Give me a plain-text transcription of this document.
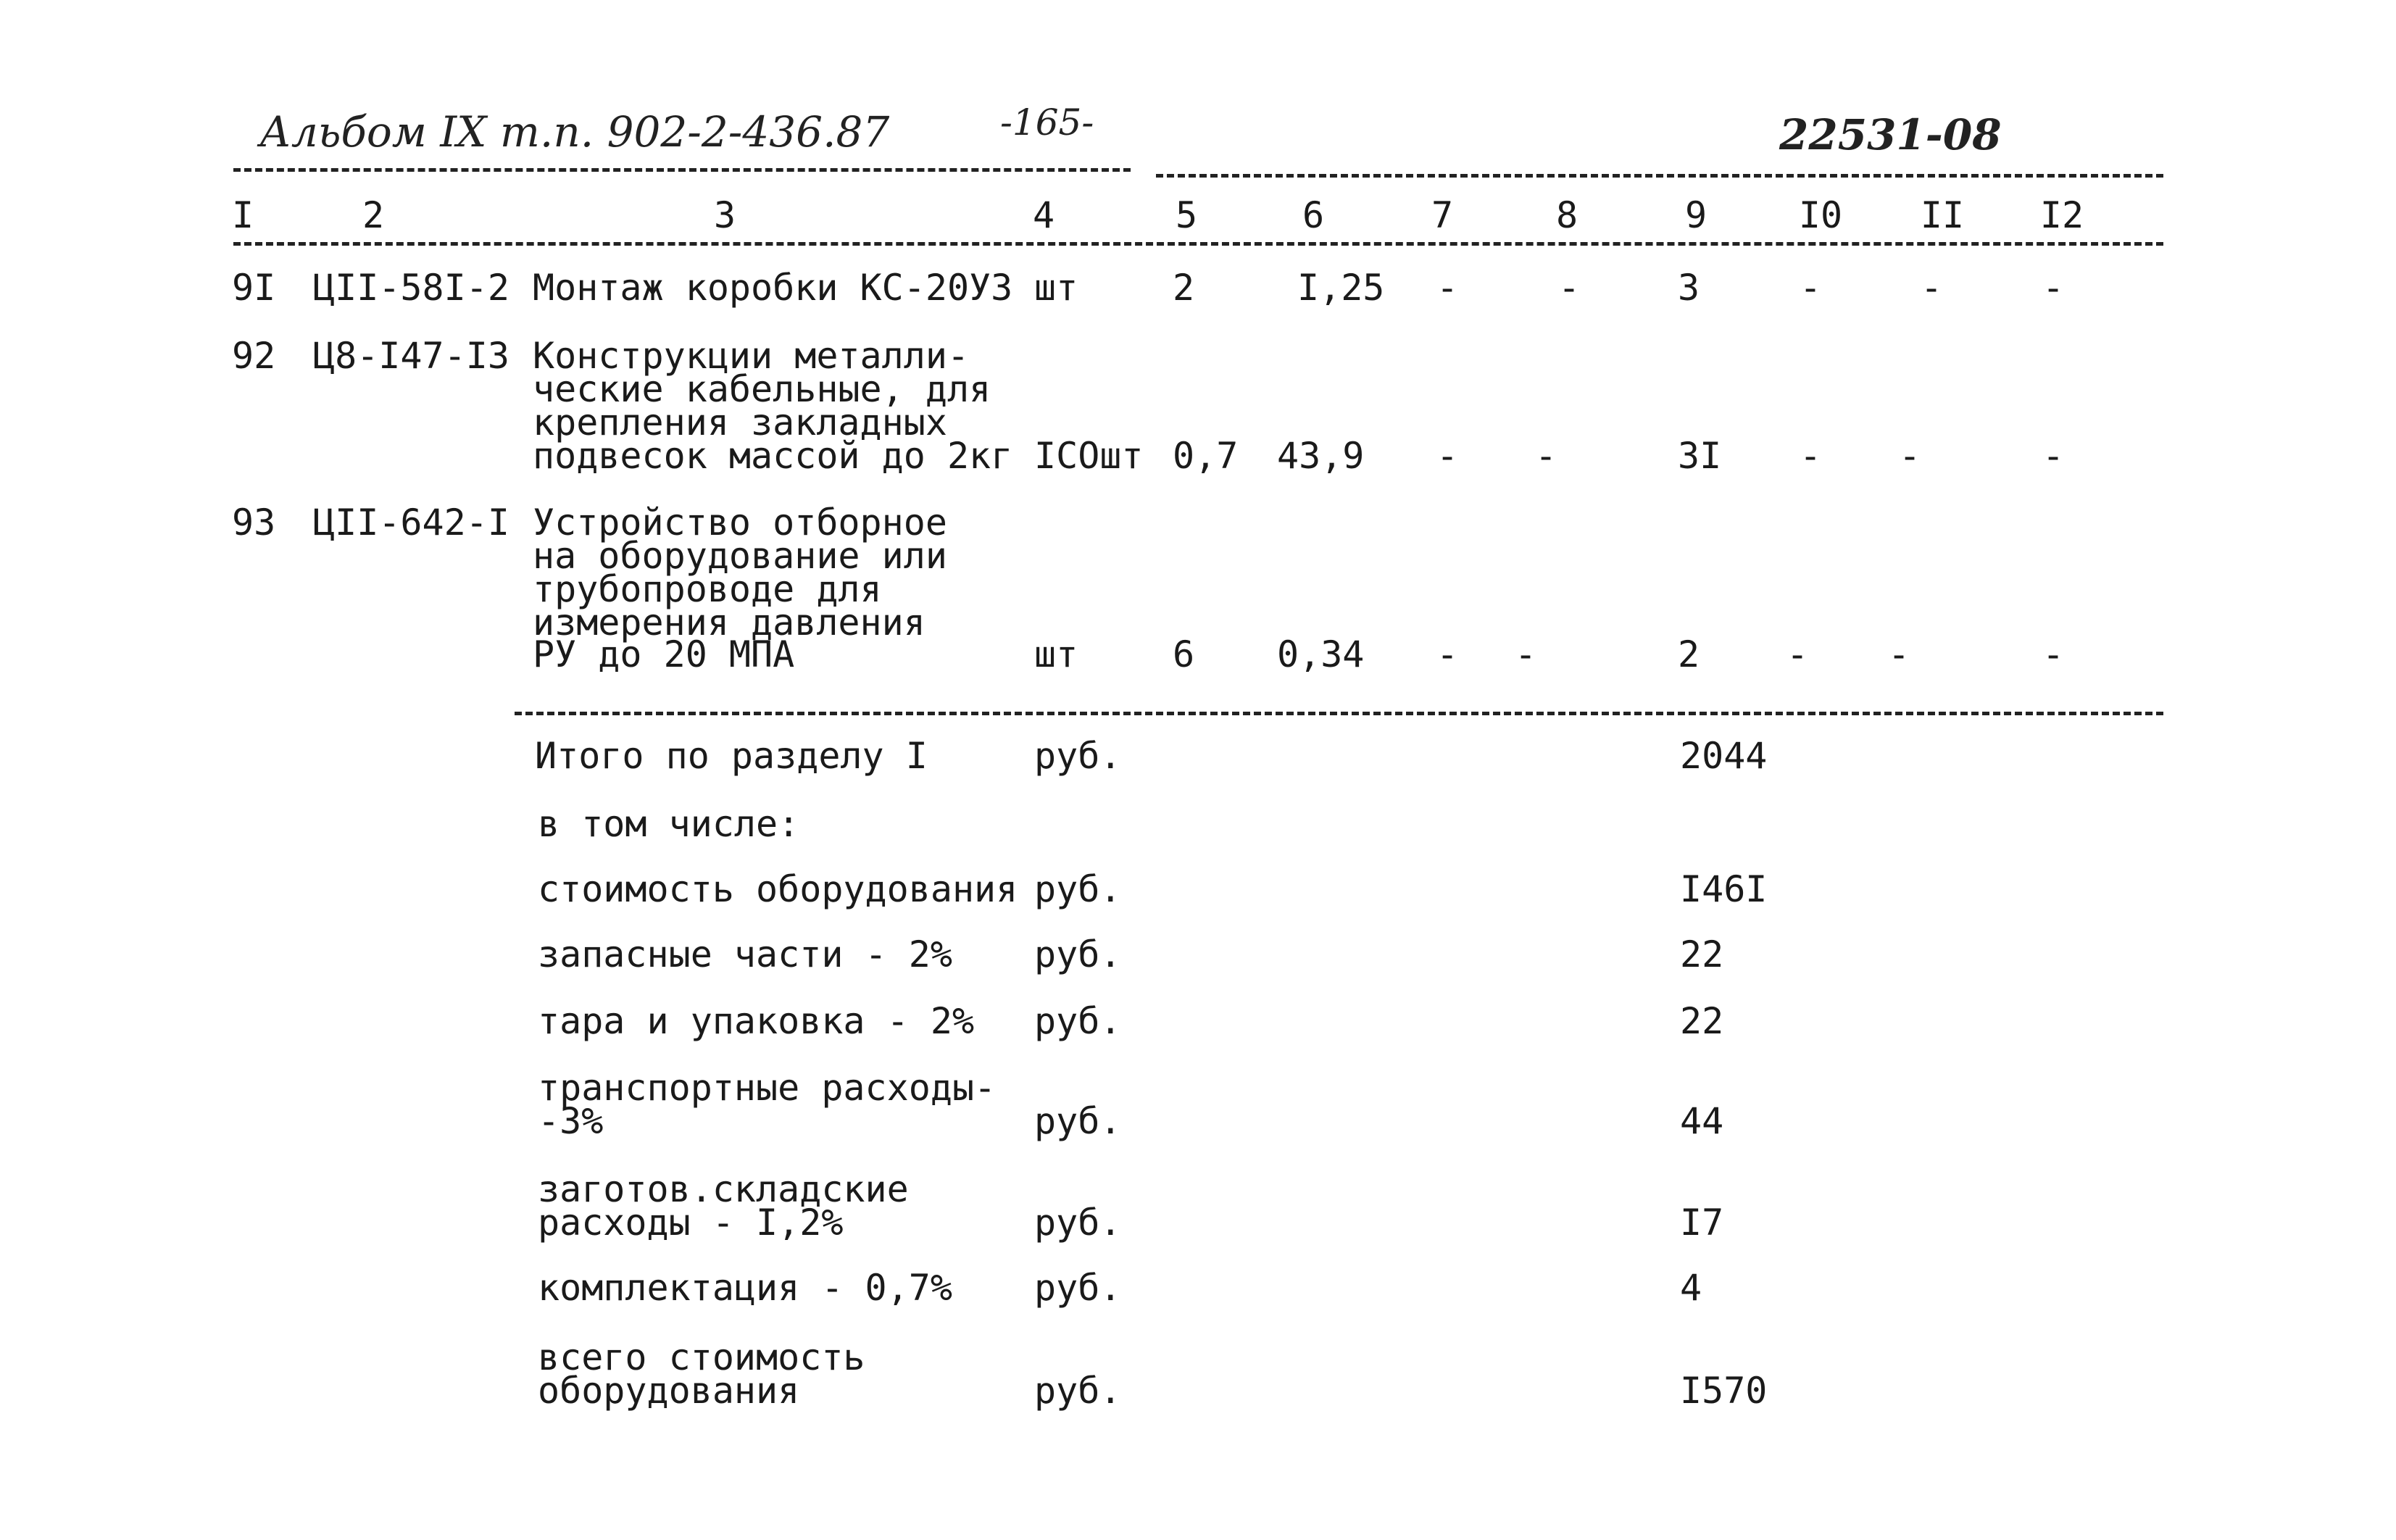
Альбом IX т.п. 902-2-436.87	-165-	22531-08
I	2	3	4	5	6	7	8	9	I0	II	I2
9I ЦII-58I-2 Монтаж коробки КС-20УЗ шт	2	I,25 -	-	3	-	-	-
92 Ц8-I47-I3 Конструкции металли-
ческие кабельные, для
крепления закладных
подвесок массой до 2кг IСОшт 0,7 43,9 - -	3I - -	-
93 ЦII-642-I Устройство отборное
на оборудование или
трубопроводе для
измерения давления
РУ до 20 МПА	шт	6 0,34 - -	2 - -	-
Итого по разделу I	руб.	2044
в том числе:
стоимость оборудования руб.	I46I
запасные части - 2% руб.	22
тара и упаковка - 2% руб.	22
транспортные расходы-
-3%	руб.	44
заготов.складские
расходы - I,2%	руб.	I7
комплектация - 0,7% руб.	4
всего стоимость
оборудования	руб.	I570
